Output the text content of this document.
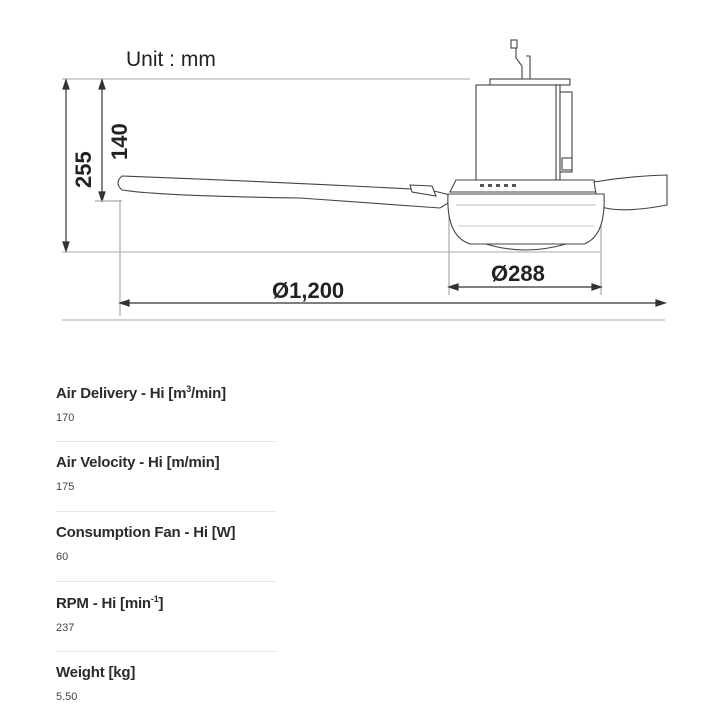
Unit : mm
255
140
Ø1,200
Ø288
Air Delivery - Hi $[m^3/\min]$
170
Air Velocity - Hi [m/min]
175
Consumption Fan - Hi [W]
60
RPM - Hi $[\min^{-1}]$
237
Weight [kg]
5.50
